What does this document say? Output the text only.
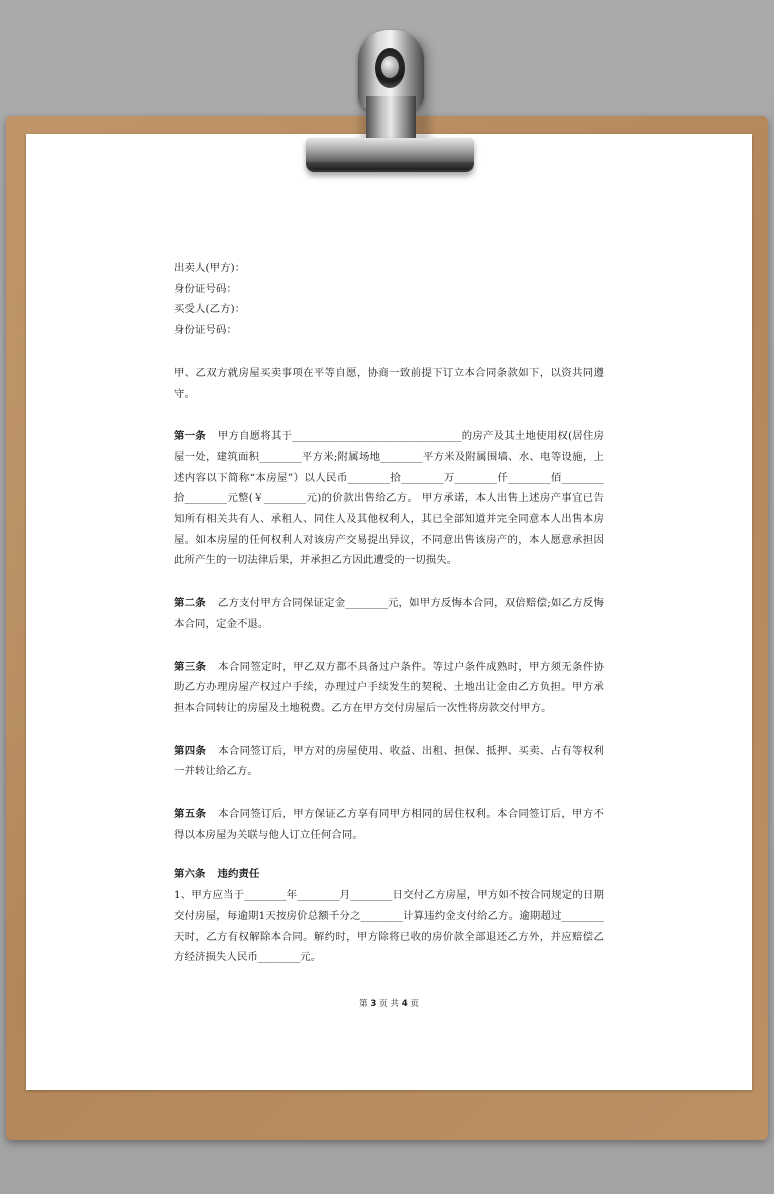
出卖人(甲方)：

身份证号码：

买受人(乙方)：

身份证号码：

甲、乙双方就房屋买卖事项在平等自愿，协商一致前提下订立本合同条款如下，以资共同遵守。

第一条 甲方自愿将其于________________________________的房产及其土地使用权(居住房屋一处，建筑面积________平方米;附属场地________平方米及附属围墙、水、电等设施，上述内容以下简称“本房屋”）以人民币________拾________万________仟________佰________拾________元整(￥________元)的价款出售给乙方。 甲方承诺，本人出售上述房产事宜已告知所有相关共有人、承租人、同住人及其他权利人，其已全部知道并完全同意本人出售本房屋。如本房屋的任何权利人对该房产交易提出异议，不同意出售该房产的，本人愿意承担因此所产生的一切法律后果，并承担乙方因此遭受的一切损失。

第二条 乙方支付甲方合同保证定金________元，如甲方反悔本合同，双倍赔偿;如乙方反悔本合同，定金不退。

第三条 本合同签定时，甲乙双方都不具备过户条件。等过户条件成熟时，甲方须无条件协助乙方办理房屋产权过户手续，办理过户手续发生的契税、土地出让金由乙方负担。甲方承担本合同转让的房屋及土地税费。乙方在甲方交付房屋后一次性将房款交付甲方。

第四条 本合同签订后，甲方对的房屋使用、收益、出租、担保、抵押、买卖、占有等权利一并转让给乙方。

第五条 本合同签订后，甲方保证乙方享有同甲方相同的居住权利。本合同签订后，甲方不得以本房屋为关联与他人订立任何合同。

第六条 违约责任

1、甲方应当于________年________月________日交付乙方房屋，甲方如不按合同规定的日期交付房屋，每逾期1天按房价总额千分之________计算违约金支付给乙方。逾期超过________天时，乙方有权解除本合同。解约时，甲方除将已收的房价款全部退还乙方外，并应赔偿乙方经济损失人民币________元。

第 3 页 共 4 页
